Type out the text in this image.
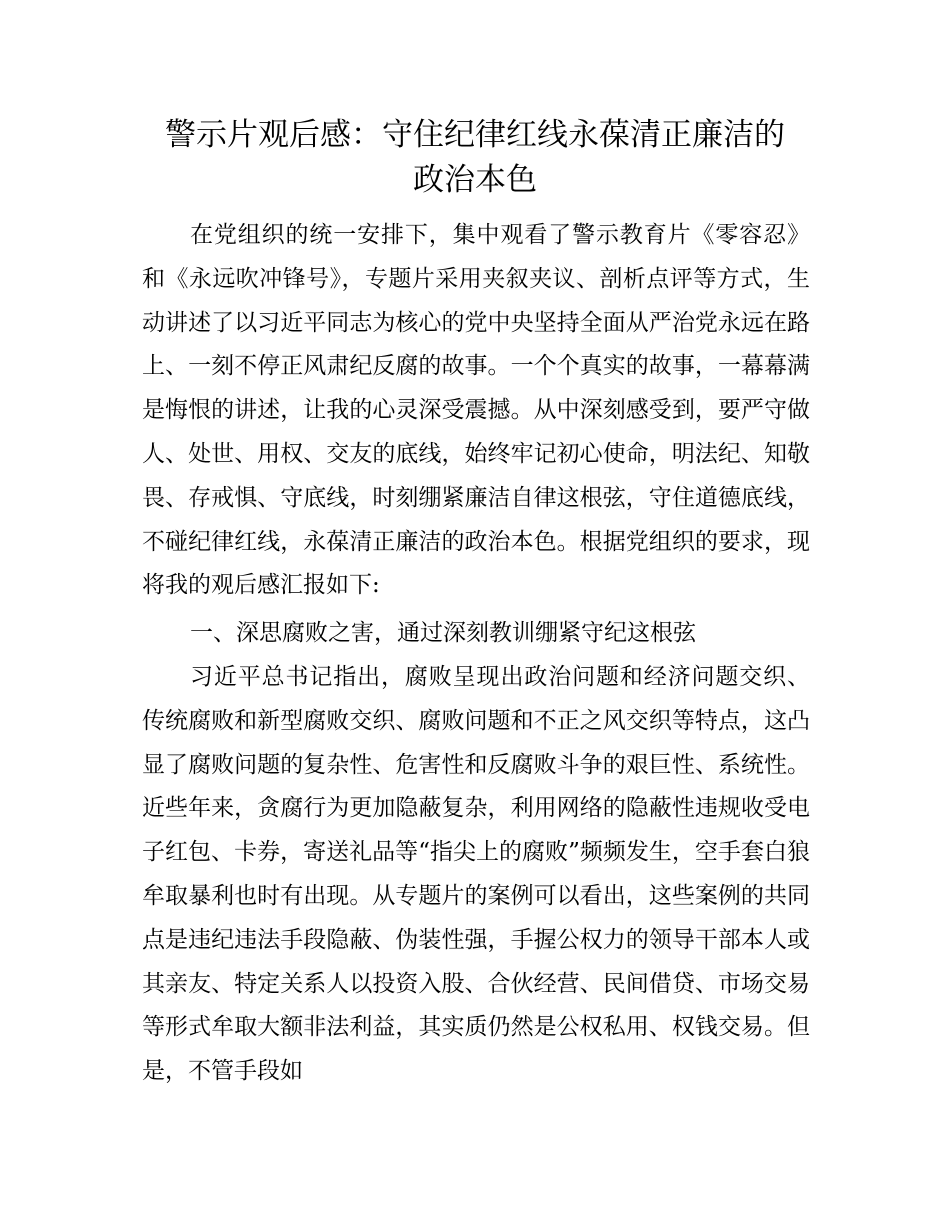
警示片观后感：守住纪律红线永葆清正廉洁的
政治本色

在党组织的统一安排下，集中观看了警示教育片《零容忍》和《永远吹冲锋号》，专题片采用夹叙夹议、剖析点评等方式，生动讲述了以习近平同志为核心的党中央坚持全面从严治党永远在路上、一刻不停正风肃纪反腐的故事。一个个真实的故事，一幕幕满是悔恨的讲述，让我的心灵深受震撼。从中深刻感受到，要严守做人、处世、用权、交友的底线，始终牢记初心使命，明法纪、知敬畏、存戒惧、守底线，时刻绷紧廉洁自律这根弦，守住道德底线，不碰纪律红线，永葆清正廉洁的政治本色。根据党组织的要求，现将我的观后感汇报如下:

一、深思腐败之害，通过深刻教训绷紧守纪这根弦

习近平总书记指出，腐败呈现出政治问题和经济问题交织、传统腐败和新型腐败交织、腐败问题和不正之风交织等特点，这凸显了腐败问题的复杂性、危害性和反腐败斗争的艰巨性、系统性。近些年来，贪腐行为更加隐蔽复杂，利用网络的隐蔽性违规收受电子红包、卡券，寄送礼品等“指尖上的腐败”频频发生，空手套白狼牟取暴利也时有出现。从专题片的案例可以看出，这些案例的共同点是违纪违法手段隐蔽、伪装性强，手握公权力的领导干部本人或其亲友、特定关系人以投资入股、合伙经营、民间借贷、市场交易等形式牟取大额非法利益，其实质仍然是公权私用、权钱交易。但是，不管手段如
